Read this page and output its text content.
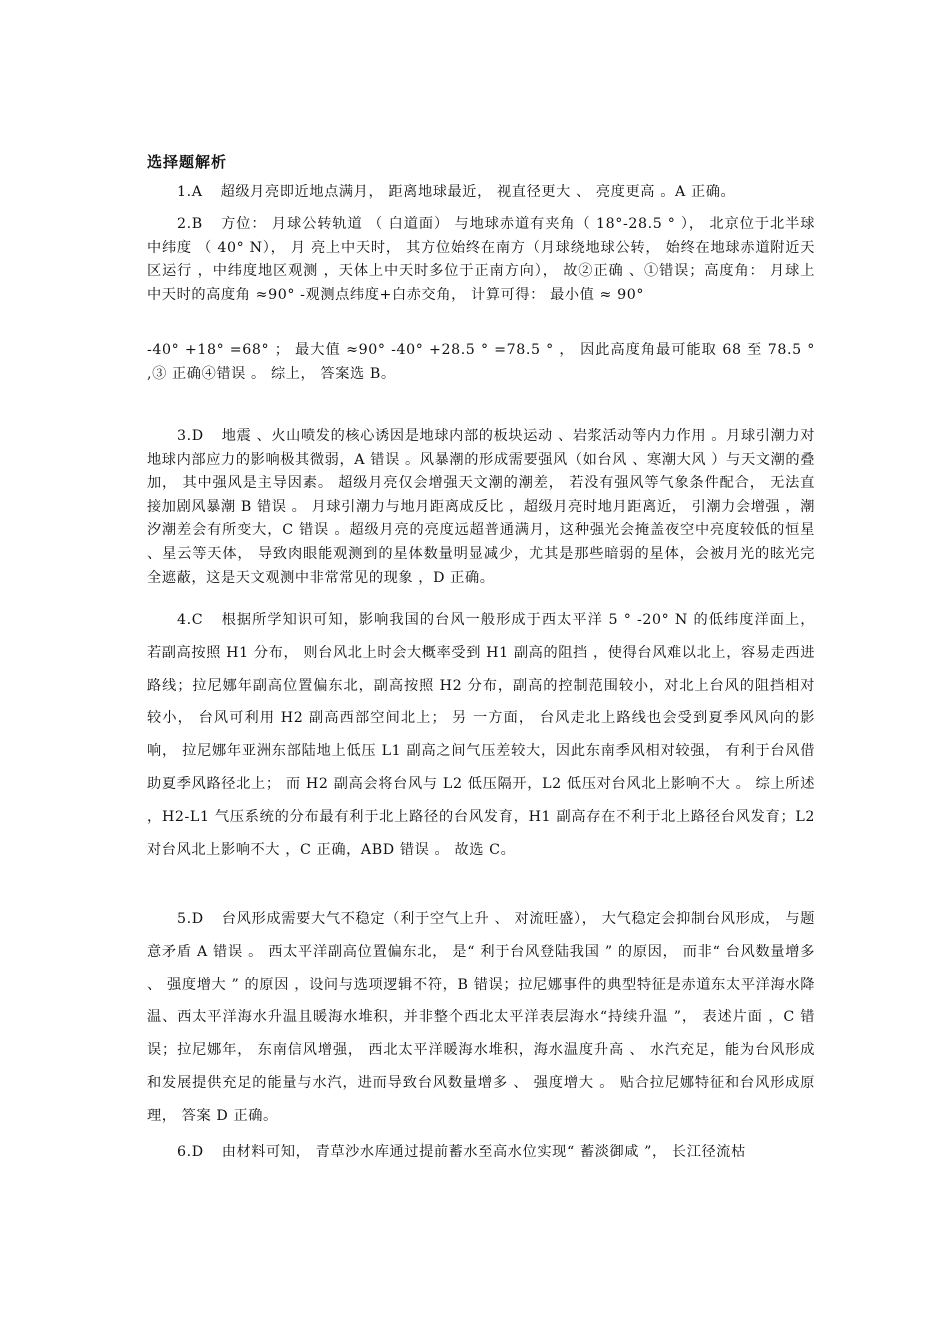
选择题解析
1.A 超级月亮即近地点满月， 距离地球最近， 视直径更大 、 亮度更高 。A 正确。
2.B 方位： 月球公转轨道 （ 白道面） 与地球赤道有夹角（ 18°-28.5 ° ）， 北京位于北半球中纬度 （ 40° N）， 月 亮上中天时， 其方位始终在南方（月球绕地球公转， 始终在地球赤道附近天区运行 ，中纬度地区观测 ，天体上中天时多位于正南方向）， 故②正确 、①错误；高度角： 月球上中天时的高度角 ≈90° -观测点纬度+白赤交角， 计算可得： 最小值 ≈ 90°
-40° +18° =68° ； 最大值 ≈90° -40° +28.5 ° =78.5 ° ， 因此高度角最可能取 68 至 78.5 ° ,③ 正确④错误 。 综上， 答案选 B。
3.D 地震 、火山喷发的核心诱因是地球内部的板块运动 、岩浆活动等内力作用 。月球引潮力对地球内部应力的影响极其微弱，A 错误 。风暴潮的形成需要强风（如台风 、寒潮大风 ）与天文潮的叠加， 其中强风是主导因素。 超级月亮仅会增强天文潮的潮差， 若没有强风等气象条件配合， 无法直接加剧风暴潮 B 错误 。 月球引潮力与地月距离成反比 ，超级月亮时地月距离近， 引潮力会增强 ，潮汐潮差会有所变大，C 错误 。超级月亮的亮度远超普通满月，这种强光会掩盖夜空中亮度较低的恒星 、星云等天体， 导致肉眼能观测到的星体数量明显减少，尤其是那些暗弱的星体，会被月光的眩光完全遮蔽，这是天文观测中非常常见的现象 ，D 正确。
4.C 根据所学知识可知，影响我国的台风一般形成于西太平洋 5 ° -20° N 的低纬度洋面上， 若副高按照 H1 分布， 则台风北上时会大概率受到 H1 副高的阻挡 ，使得台风难以北上，容易走西进路线；拉尼娜年副高位置偏东北，副高按照 H2 分布，副高的控制范围较小，对北上台风的阻挡相对较小， 台风可利用 H2 副高西部空间北上； 另 一方面， 台风走北上路线也会受到夏季风风向的影响， 拉尼娜年亚洲东部陆地上低压 L1 副高之间气压差较大，因此东南季风相对较强， 有利于台风借助夏季风路径北上； 而 H2 副高会将台风与 L2 低压隔开，L2 低压对台风北上影响不大 。 综上所述 ，H2-L1 气压系统的分布最有利于北上路径的台风发育，H1 副高存在不利于北上路径台风发育；L2 对台风北上影响不大 ，C 正确，ABD 错误 。 故选 C。
5.D 台风形成需要大气不稳定（利于空气上升 、 对流旺盛）， 大气稳定会抑制台风形成， 与题意矛盾 A 错误 。 西太平洋副高位置偏东北， 是“ 利于台风登陆我国 ” 的原因， 而非“ 台风数量增多 、 强度增大 ” 的原因 ，设问与选项逻辑不符，B 错误；拉尼娜事件的典型特征是赤道东太平洋海水降温、西太平洋海水升温且暖海水堆积，并非整个西北太平洋表层海水“持续升温 ”， 表述片面 ，C 错误；拉尼娜年， 东南信风增强， 西北太平洋暖海水堆积，海水温度升高 、 水汽充足，能为台风形成和发展提供充足的能量与水汽，进而导致台风数量增多 、 强度增大 。 贴合拉尼娜特征和台风形成原理， 答案 D 正确。
6.D 由材料可知， 青草沙水库通过提前蓄水至高水位实现“ 蓄淡御咸 ”， 长江径流枯
